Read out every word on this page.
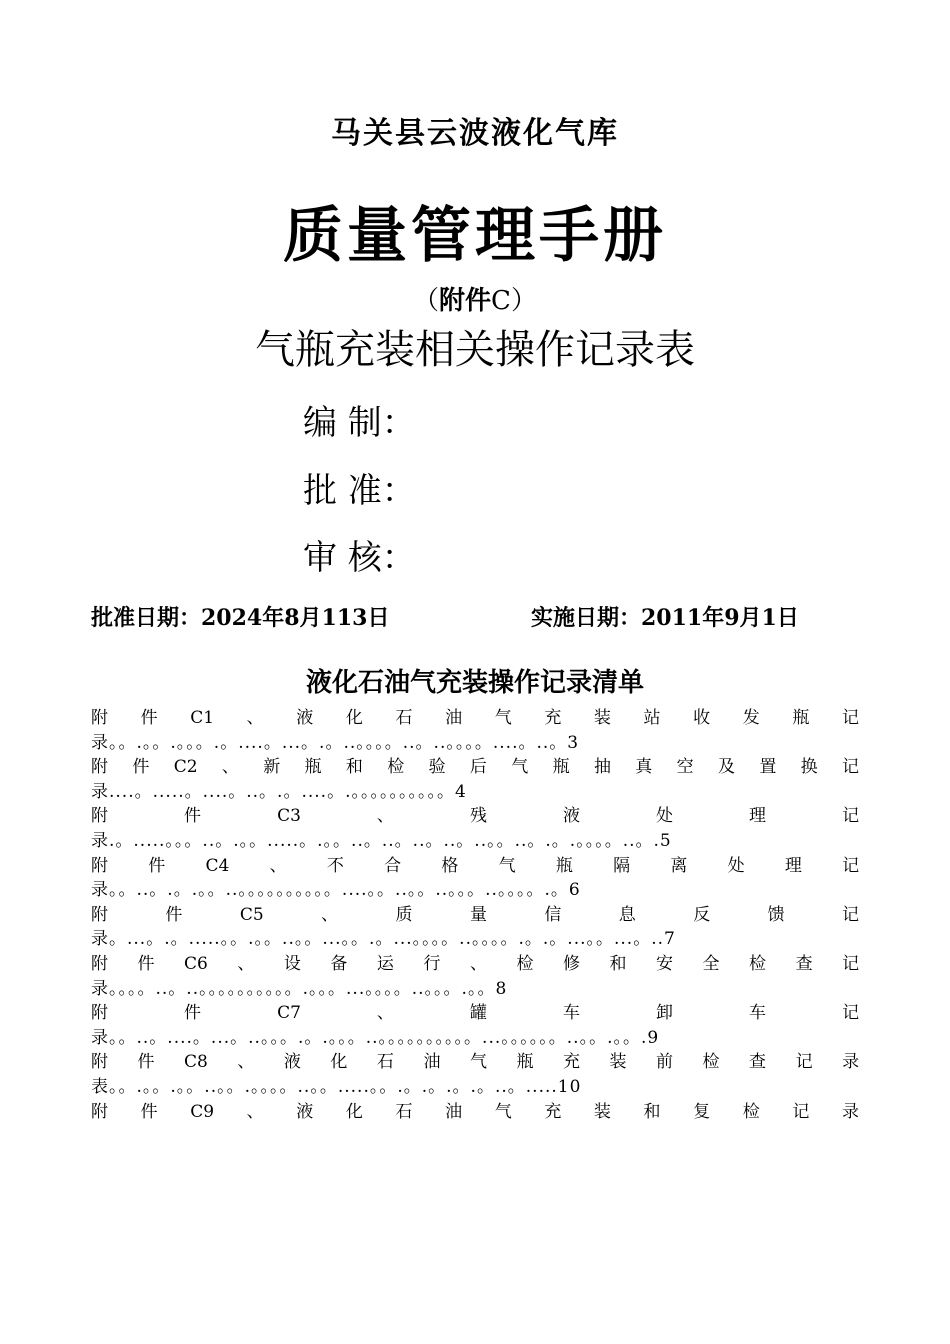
马关县云波液化气库
质量管理手册
（附件C）
气瓶充装相关操作记录表
编 制：
批 准：
审 核：
批准日期：2024年8月113日	实施日期：2011年9月1日
液化石油气充装操作记录清单
附 件 C1 、 液 化 石 油 气 充 装 站 收 发 瓶 记
录。。.。。.。。。.。....。...。.。..。。。。..。..。。。。....。..。3
附 件 C2 、 新 瓶 和 检 验 后 气 瓶 抽 真 空 及 置 换 记
录....。.....。....。..。.。....。.。。。。。。。。。。4
附	件	C3	、	残	液	处	理	记
录.。.....。。。..。.。。.....。.。。..。..。..。..。..。。..。.。.。。。。..。.5
附 件 C4 、 不 合 格 气 瓶 隔 离 处 理 记
录。。..。.。.。。..。。。。。。。。。。....。。..。。..。。。..。。。。.。6
附	件	C5	、	质	量	信	息	反	馈	记
录。...。.。.....。。.。。..。。...。。.。...。。。。..。。。。.。.。...。。...。..7
附 件 C6 、 设 备 运 行 、 检 修 和 安 全 检 查 记
录。。。。..。..。。。。。。。。。。.。。。...。。。。..。。。.。。8
附	件	C7	、	罐	车	卸	车	记
录。。..。....。...。..。。。.。.。。。..。。。。。。。。。。...。。。。。。..。。.。。.9
附 件 C8 、 液 化 石 油 气 瓶 充 装 前 检 查 记 录
表。。.。。.。。..。。.。。。。..。。.....。。.。.。.。.。..。.....10
附 件 C9 、 液 化 石 油 气 充 装 和 复 检 记 录
